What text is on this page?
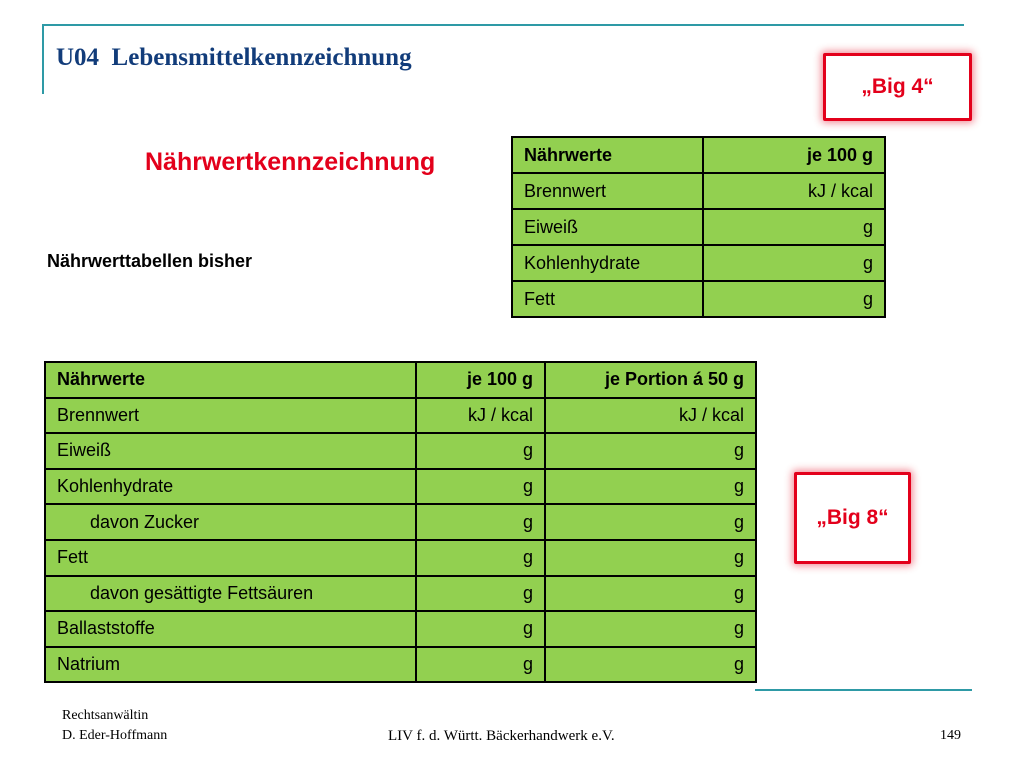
U04  Lebensmittelkennzeichnung
Nährwertkennzeichnung
Nährwerttabellen bisher
„Big 4“
„Big 8“
Nährwerte	je 100 g
Brennwert	kJ / kcal
Eiweiß	g
Kohlenhydrate	g
Fett	g
Nährwerte	je 100 g	je Portion á 50 g
Brennwert	kJ / kcal	kJ / kcal
Eiweiß	g	g
Kohlenhydrate	g	g
davon Zucker	g	g
Fett	g	g
davon gesättigte Fettsäuren	g	g
Ballaststoffe	g	g
Natrium	g	g
Rechtsanwältin
D. Eder-Hoffmann	LIV f. d. Württ. Bäckerhandwerk e.V.	149
